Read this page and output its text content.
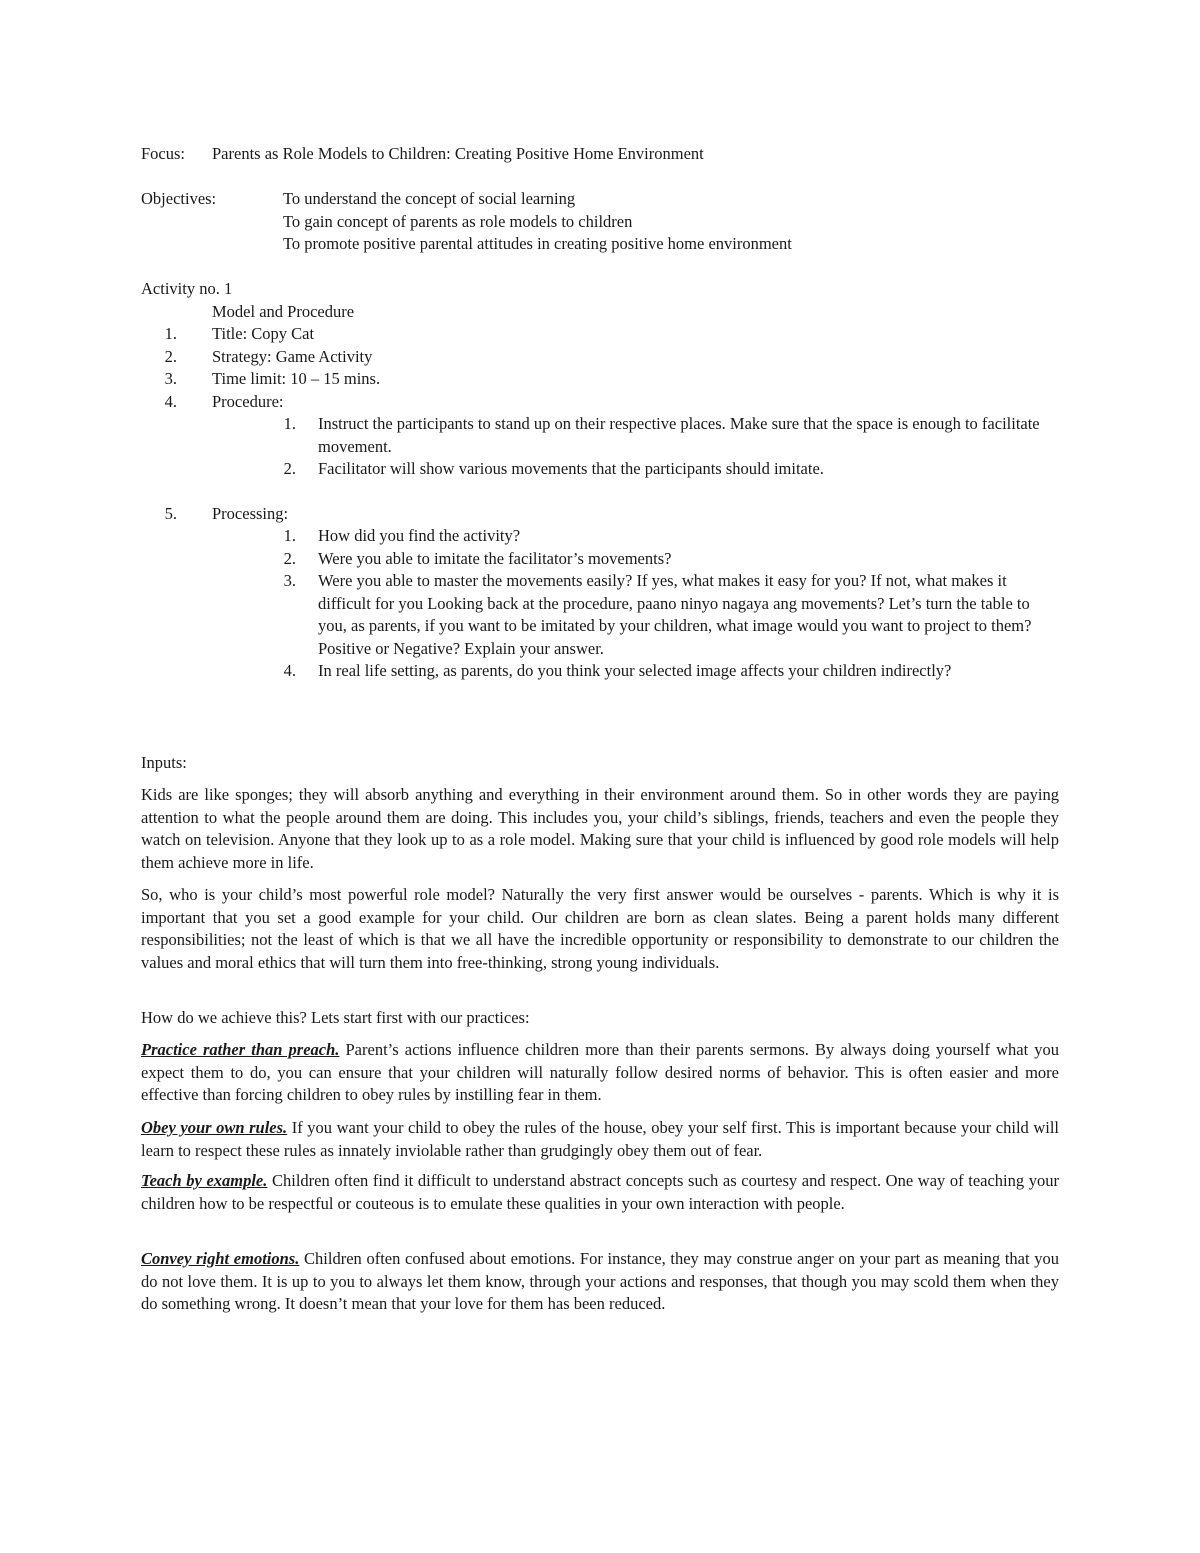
Focus: Parents as Role Models to Children: Creating Positive Home Environment
Objectives:	To understand the concept of social learning
To gain concept of parents as role models to children
To promote positive parental attitudes in creating positive home environment
Activity no. 1
Model and Procedure
1. Title: Copy Cat
2. Strategy: Game Activity
3. Time limit: 10 – 15 mins.
4. Procedure:
1. Instruct the participants to stand up on their respective places. Make sure that the space is enough to facilitate movement.
2. Facilitator will show various movements that the participants should imitate.
5. Processing:
1. How did you find the activity?
2. Were you able to imitate the facilitator’s movements?
3. Were you able to master the movements easily? If yes, what makes it easy for you? If not, what makes it difficult for you Looking back at the procedure, paano ninyo nagaya ang movements? Let’s turn the table to you, as parents, if you want to be imitated by your children, what image would you want to project to them? Positive or Negative? Explain your answer.
4. In real life setting, as parents, do you think your selected image affects your children indirectly?
Inputs:
Kids are like sponges; they will absorb anything and everything in their environment around them. So in other words they are paying attention to what the people around them are doing. This includes you, your child’s siblings, friends, teachers and even the people they watch on television. Anyone that they look up to as a role model. Making sure that your child is influenced by good role models will help them achieve more in life.
So, who is your child’s most powerful role model? Naturally the very first answer would be ourselves - parents. Which is why it is important that you set a good example for your child. Our children are born as clean slates. Being a parent holds many different responsibilities; not the least of which is that we all have the incredible opportunity or responsibility to demonstrate to our children the values and moral ethics that will turn them into free-thinking, strong young individuals.
How do we achieve this? Lets start first with our practices:
Practice rather than preach. Parent’s actions influence children more than their parents sermons. By always doing yourself what you expect them to do, you can ensure that your children will naturally follow desired norms of behavior. This is often easier and more effective than forcing children to obey rules by instilling fear in them.
Obey your own rules. If you want your child to obey the rules of the house, obey your self first. This is important because your child will learn to respect these rules as innately inviolable rather than grudgingly obey them out of fear.
Teach by example. Children often find it difficult to understand abstract concepts such as courtesy and respect. One way of teaching your children how to be respectful or couteous is to emulate these qualities in your own interaction with people.
Convey right emotions. Children often confused about emotions. For instance, they may construe anger on your part as meaning that you do not love them. It is up to you to always let them know, through your actions and responses, that though you may scold them when they do something wrong. It doesn’t mean that your love for them has been reduced.
